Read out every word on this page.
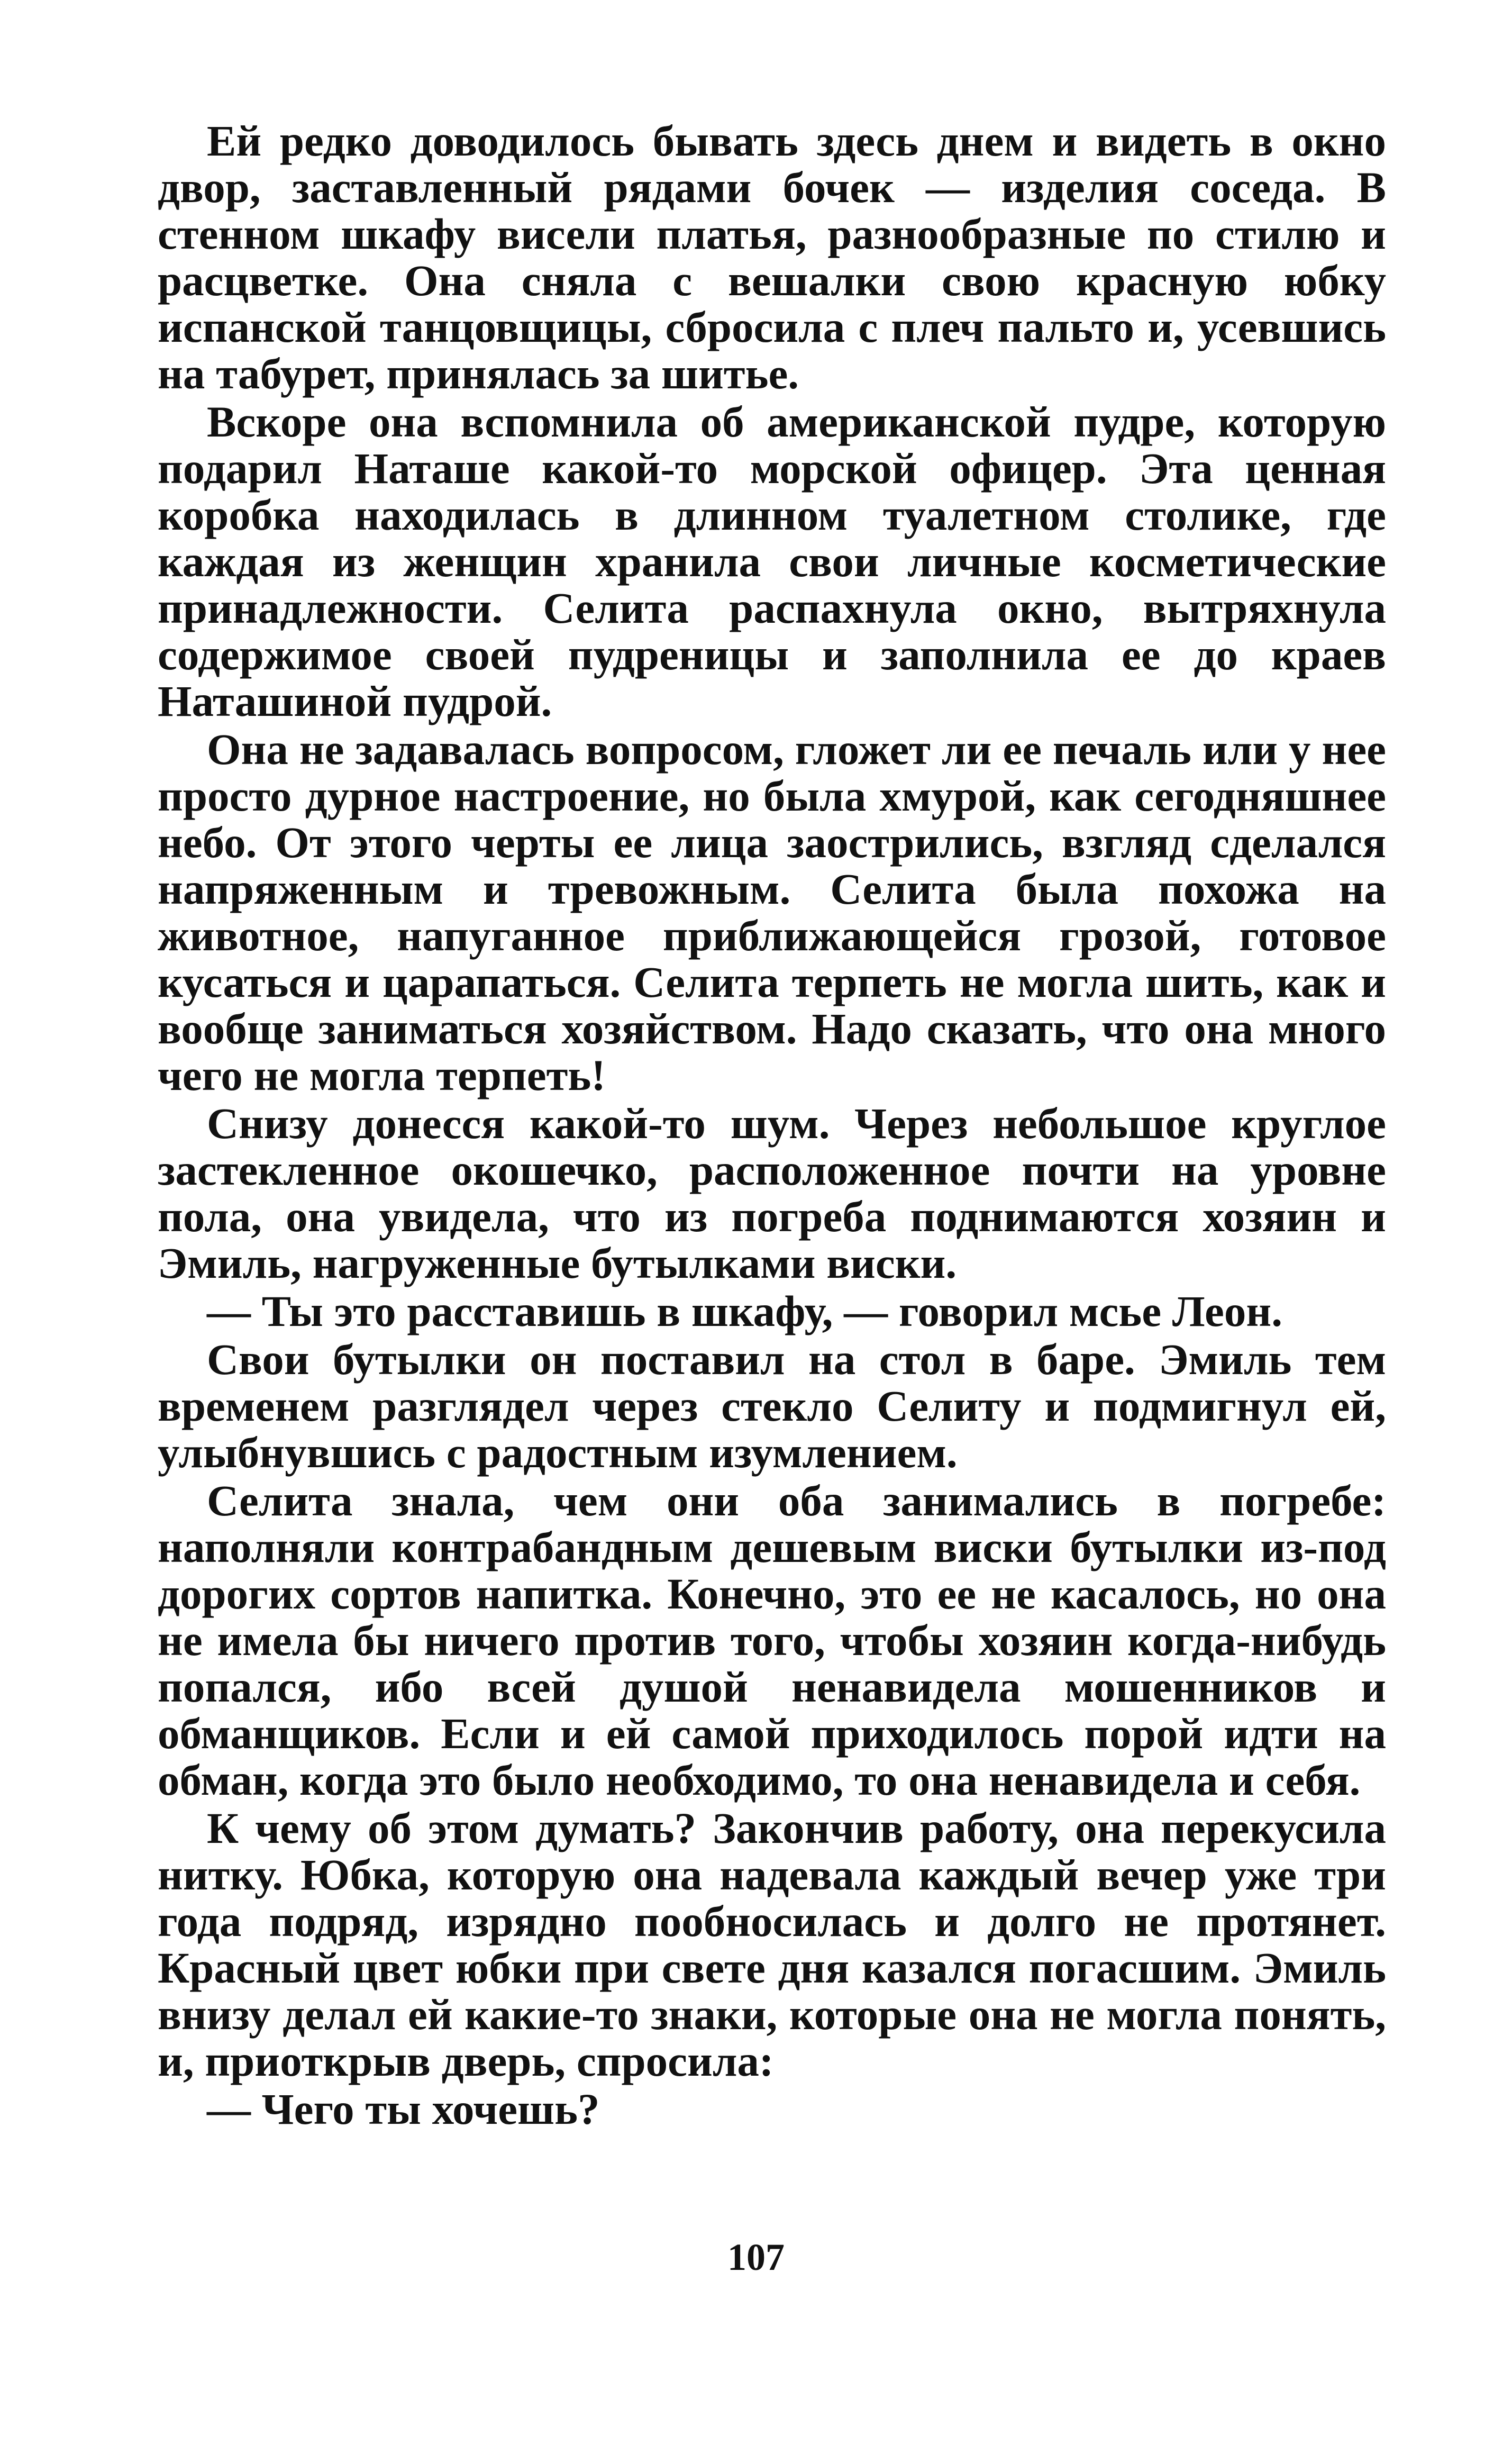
Ей редко доводилось бывать здесь днем и видеть в окно двор, заставленный рядами бочек — изделия соседа. В стенном шкафу висели платья, разнообразные по стилю и расцветке. Она сняла с вешалки свою красную юбку испанской танцовщицы, сбросила с плеч пальто и, усевшись на табурет, принялась за шитье.

Вскоре она вспомнила об американской пудре, которую подарил Наташе какой-то морской офицер. Эта ценная коробка находилась в длинном туалетном столике, где каждая из женщин хранила свои личные косметические принадлежности. Селита распахнула окно, вытряхнула содержимое своей пудреницы и заполнила ее до краев Наташиной пудрой.

Она не задавалась вопросом, гложет ли ее печаль или у нее просто дурное настроение, но была хмурой, как сегодняшнее небо. От этого черты ее лица заострились, взгляд сделался напряженным и тревожным. Селита была похожа на животное, напуганное приближающейся грозой, готовое кусаться и царапаться. Селита терпеть не могла шить, как и вообще заниматься хозяйством. Надо сказать, что она много чего не могла терпеть!

Снизу донесся какой-то шум. Через небольшое круглое застекленное окошечко, расположенное почти на уровне пола, она увидела, что из погреба поднимаются хозяин и Эмиль, нагруженные бутылками виски.

— Ты это расставишь в шкафу, — говорил мсье Леон.

Свои бутылки он поставил на стол в баре. Эмиль тем временем разглядел через стекло Селиту и подмигнул ей, улыбнувшись с радостным изумлением.

Селита знала, чем они оба занимались в погребе: наполняли контрабандным дешевым виски бутылки из-под дорогих сортов напитка. Конечно, это ее не касалось, но она не имела бы ничего против того, чтобы хозяин когда-нибудь попался, ибо всей душой ненавидела мошенников и обманщиков. Если и ей самой приходилось порой идти на обман, когда это было необходимо, то она ненавидела и себя.

К чему об этом думать? Закончив работу, она перекусила нитку. Юбка, которую она надевала каждый вечер уже три года подряд, изрядно пообносилась и долго не протянет. Красный цвет юбки при свете дня казался погасшим. Эмиль внизу делал ей какие-то знаки, которые она не могла понять, и, приоткрыв дверь, спросила:

— Чего ты хочешь?

107
